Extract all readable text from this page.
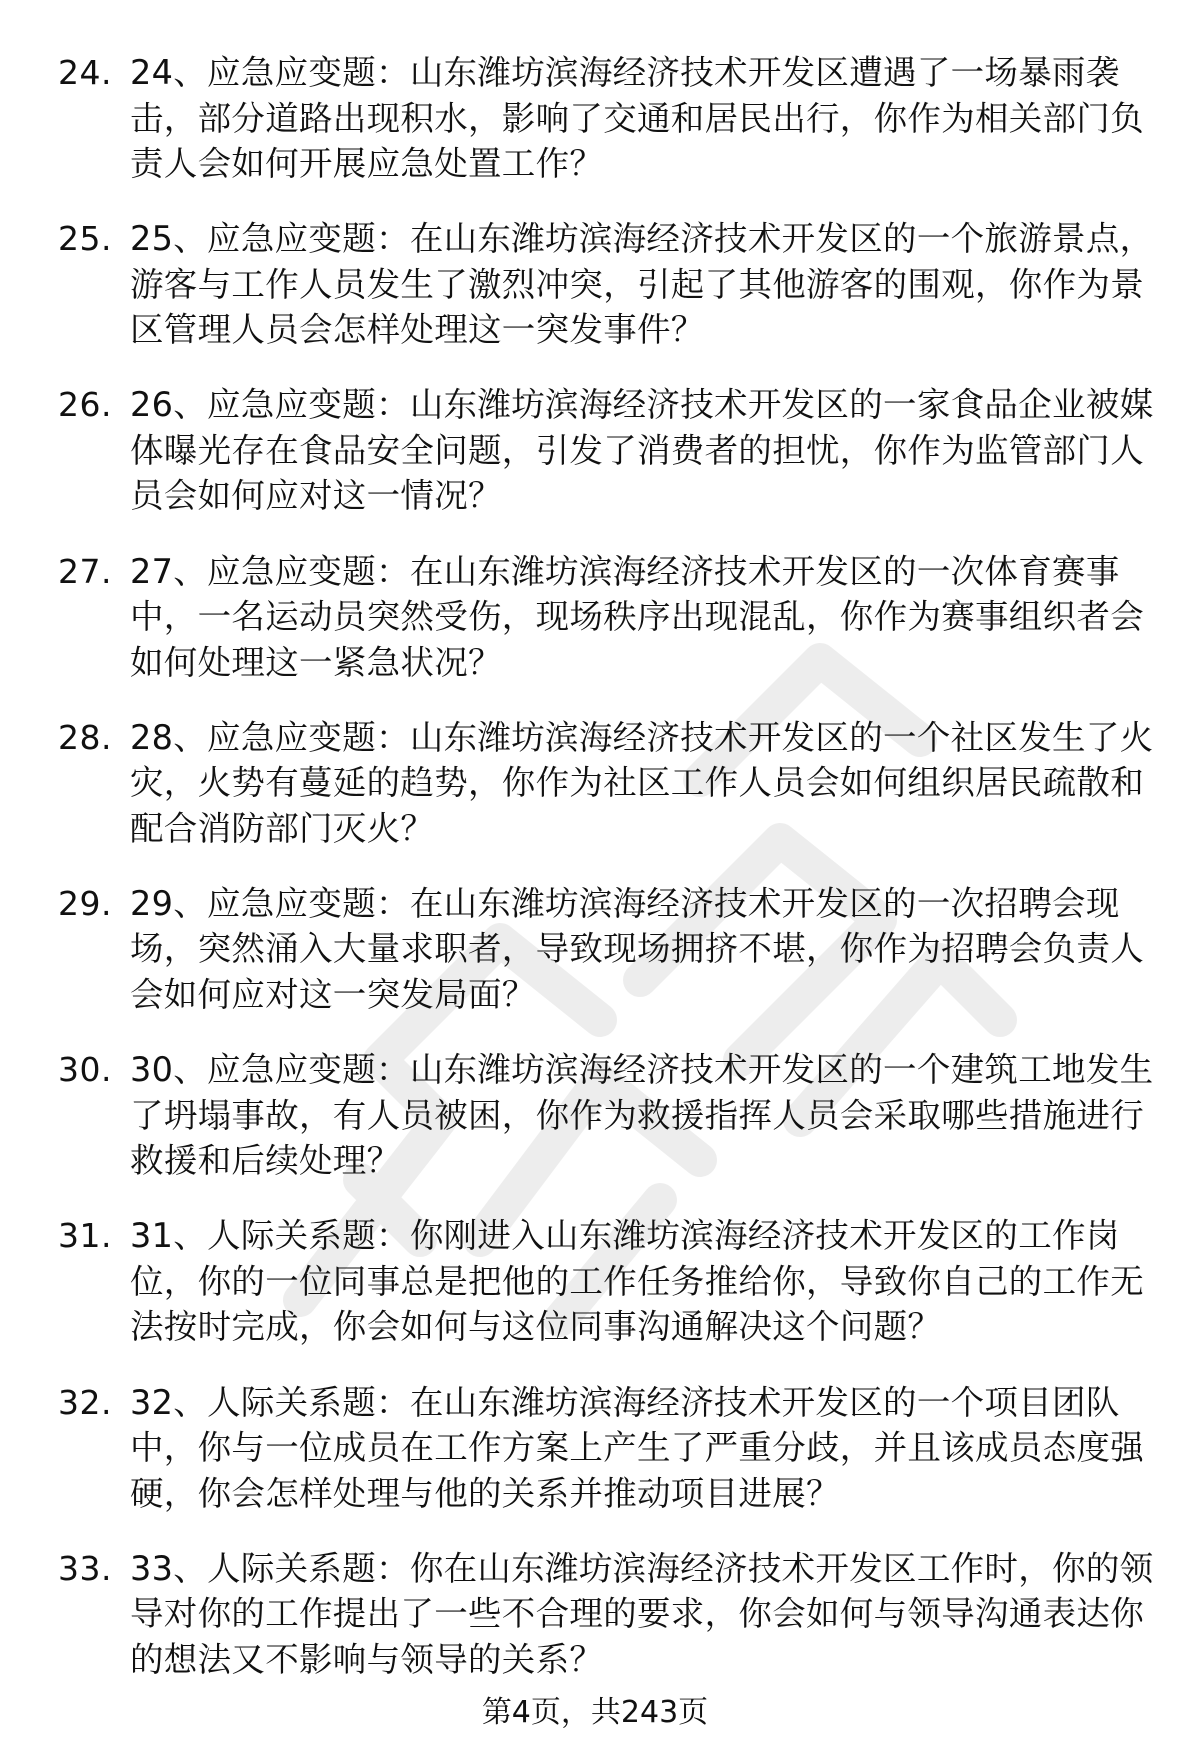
24. 24、应急应变题：山东潍坊滨海经济技术开发区遭遇了一场暴雨袭击，部分道路出现积水，影响了交通和居民出行，你作为相关部门负责人会如何开展应急处置工作？
25. 25、应急应变题：在山东潍坊滨海经济技术开发区的一个旅游景点，游客与工作人员发生了激烈冲突，引起了其他游客的围观，你作为景区管理人员会怎样处理这一突发事件？
26. 26、应急应变题：山东潍坊滨海经济技术开发区的一家食品企业被媒体曝光存在食品安全问题，引发了消费者的担忧，你作为监管部门人员会如何应对这一情况？
27. 27、应急应变题：在山东潍坊滨海经济技术开发区的一次体育赛事中，一名运动员突然受伤，现场秩序出现混乱，你作为赛事组织者会如何处理这一紧急状况？
28. 28、应急应变题：山东潍坊滨海经济技术开发区的一个社区发生了火灾，火势有蔓延的趋势，你作为社区工作人员会如何组织居民疏散和配合消防部门灭火？
29. 29、应急应变题：在山东潍坊滨海经济技术开发区的一次招聘会现场，突然涌入大量求职者，导致现场拥挤不堪，你作为招聘会负责人会如何应对这一突发局面？
30. 30、应急应变题：山东潍坊滨海经济技术开发区的一个建筑工地发生了坍塌事故，有人员被困，你作为救援指挥人员会采取哪些措施进行救援和后续处理？
31. 31、人际关系题：你刚进入山东潍坊滨海经济技术开发区的工作岗位，你的一位同事总是把他的工作任务推给你，导致你自己的工作无法按时完成，你会如何与这位同事沟通解决这个问题？
32. 32、人际关系题：在山东潍坊滨海经济技术开发区的一个项目团队中，你与一位成员在工作方案上产生了严重分歧，并且该成员态度强硬，你会怎样处理与他的关系并推动项目进展？
33. 33、人际关系题：你在山东潍坊滨海经济技术开发区工作时，你的领导对你的工作提出了一些不合理的要求，你会如何与领导沟通表达你的想法又不影响与领导的关系？
第4页，共243页
